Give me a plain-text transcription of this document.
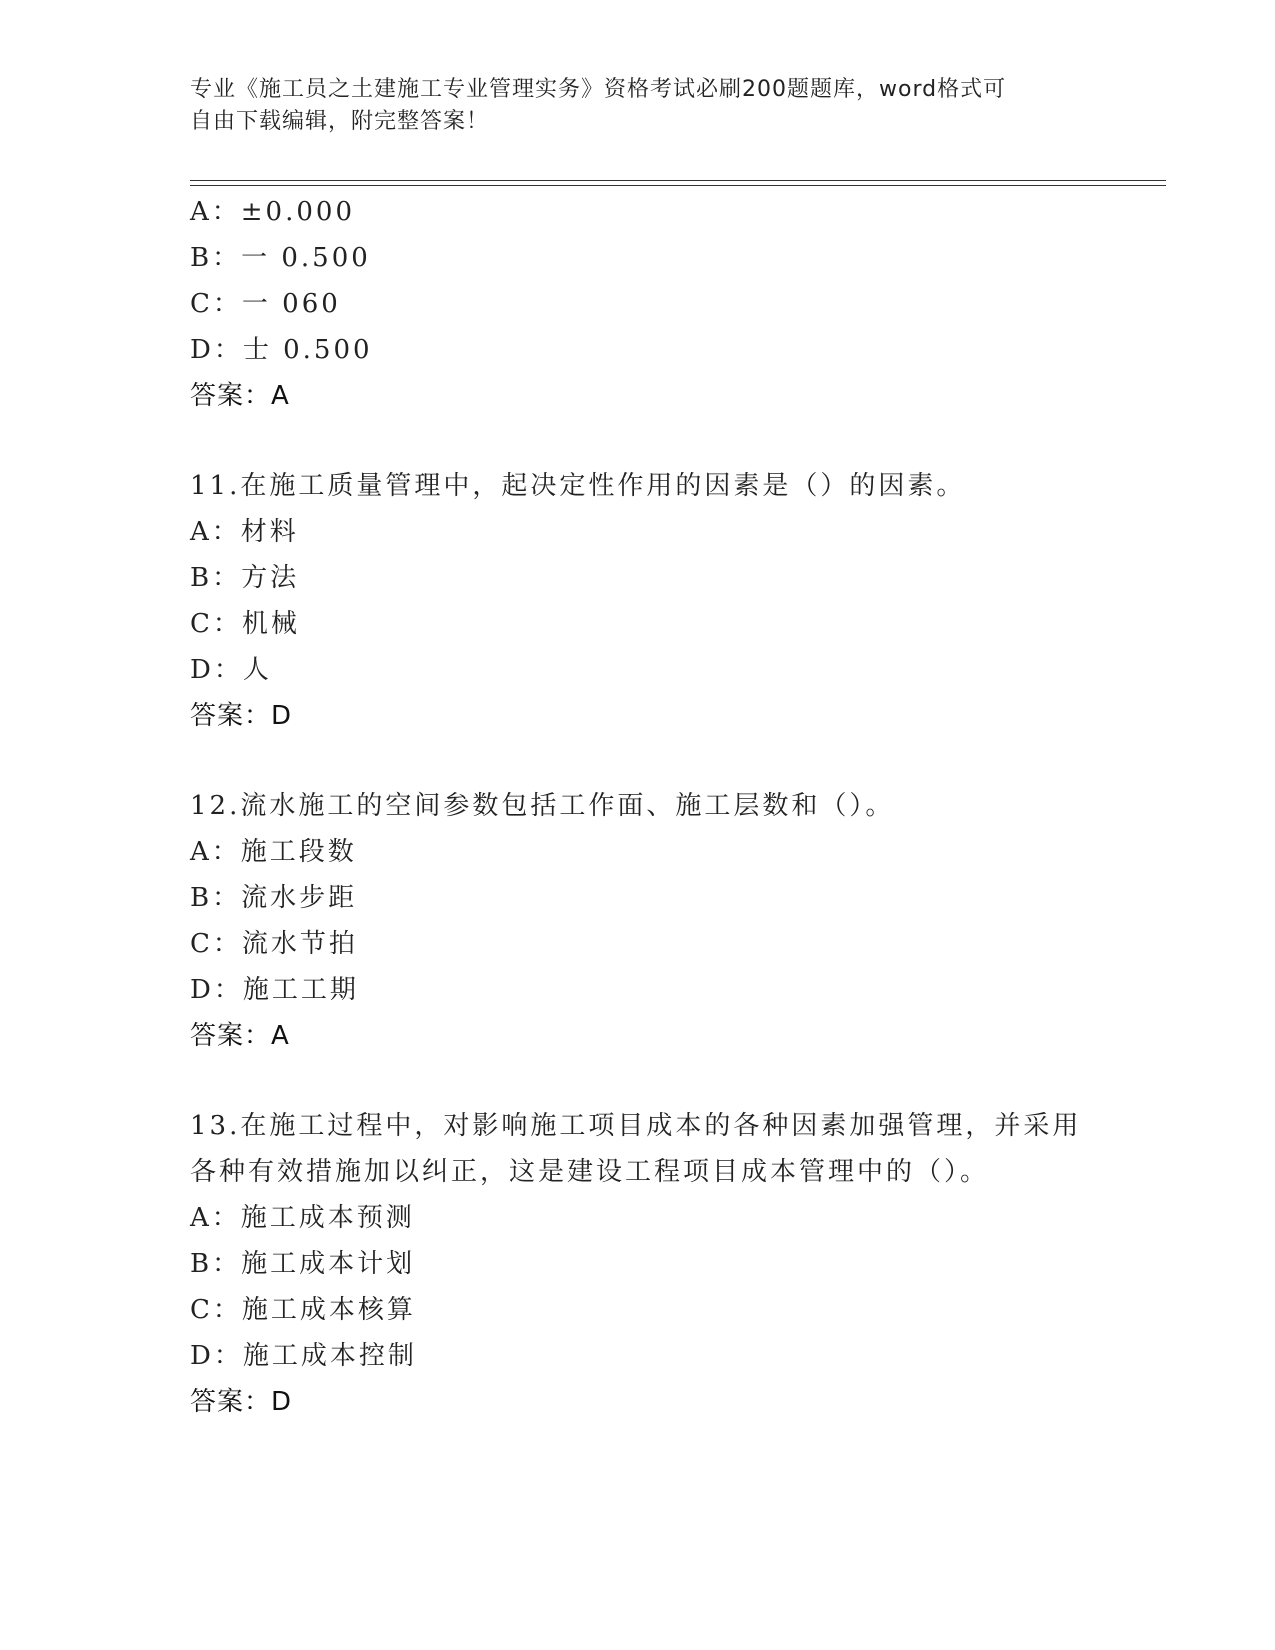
专业《施工员之土建施工专业管理实务》资格考试必刷200题题库，word格式可
自由下载编辑，附完整答案！
A：±0.000
B：一 0.500
C：一 060
D：士 0.500
答案：A
11.在施工质量管理中，起决定性作用的因素是（）的因素。
A：材料
B：方法
C：机械
D：人
答案：D
12.流水施工的空间参数包括工作面、施工层数和（）。
A：施工段数
B：流水步距
C：流水节拍
D：施工工期
答案：A
13.在施工过程中，对影响施工项目成本的各种因素加强管理，并采用
各种有效措施加以纠正，这是建设工程项目成本管理中的（）。
A：施工成本预测
B：施工成本计划
C：施工成本核算
D：施工成本控制
答案：D
